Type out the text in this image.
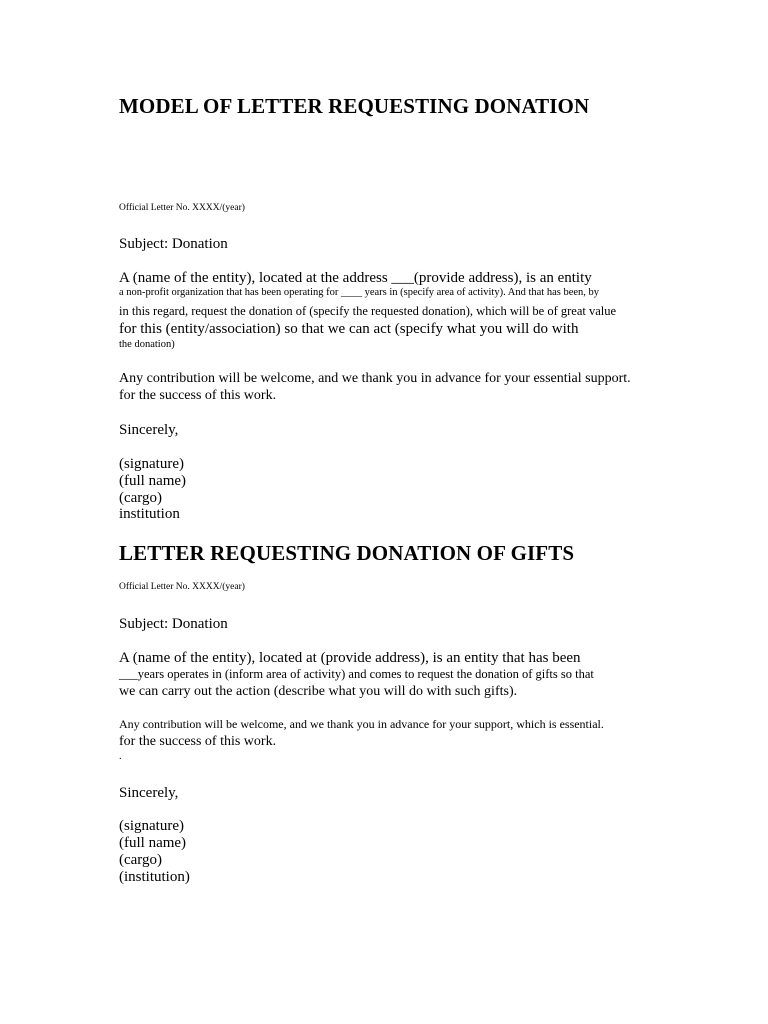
MODEL OF LETTER REQUESTING DONATION

Official Letter No. XXXX/(year)

Subject: Donation

A (name of the entity), located at the address ___(provide address), is an entity

a non-profit organization that has been operating for ____ years in (specify area of activity). And that has been, by

in this regard, request the donation of (specify the requested donation), which will be of great value

for this (entity/association) so that we can act (specify what you will do with

the donation)

Any contribution will be welcome, and we thank you in advance for your essential support.

for the success of this work.

Sincerely,

(signature)

(full name)

(cargo)

institution

LETTER REQUESTING DONATION OF GIFTS

Official Letter No. XXXX/(year)

Subject: Donation

A (name of the entity), located at (provide address), is an entity that has been

___years operates in (inform area of activity) and comes to request the donation of gifts so that

we can carry out the action (describe what you will do with such gifts).

Any contribution will be welcome, and we thank you in advance for your support, which is essential.

for the success of this work.

.

Sincerely,

(signature)

(full name)

(cargo)

(institution)
